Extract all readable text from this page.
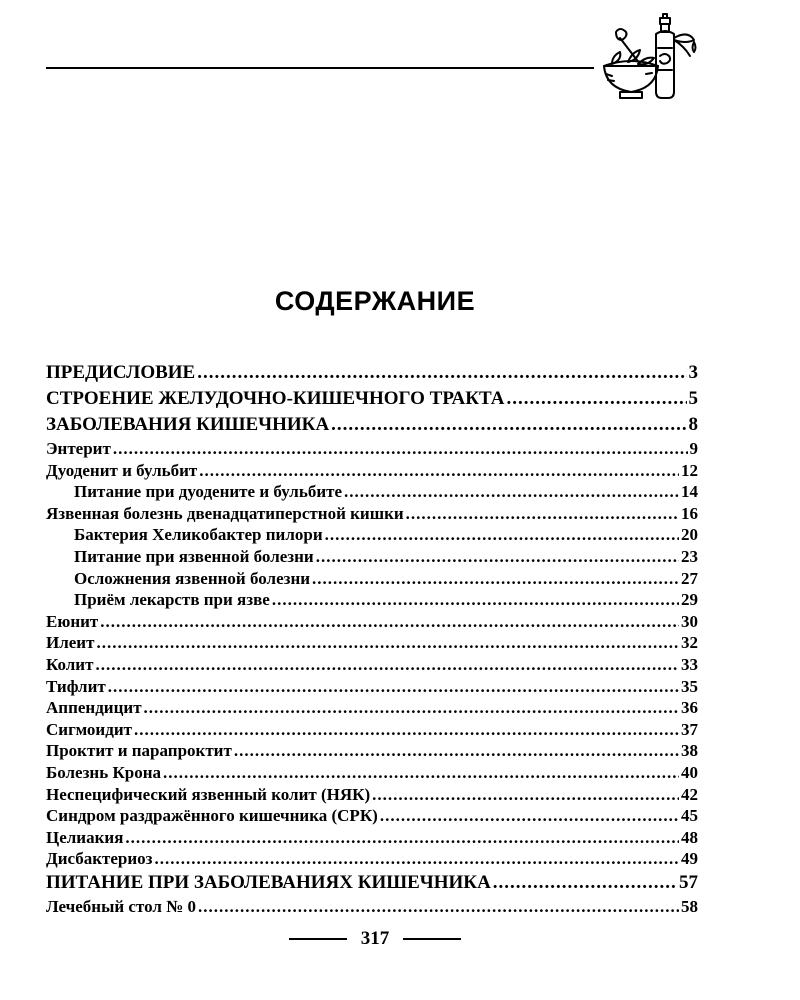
СОДЕРЖАНИЕ
ПРЕДИСЛОВИЕ .....	3
СТРОЕНИЕ ЖЕЛУДОЧНО-КИШЕЧНОГО ТРАКТА .....	5
ЗАБОЛЕВАНИЯ КИШЕЧНИКА .....	8
Энтерит .....	9
Дуоденит и бульбит .....	12
Питание при дуодените и бульбите .....	14
Язвенная болезнь двенадцатиперстной кишки .....	16
Бактерия Хеликобактер пилори .....	20
Питание при язвенной болезни .....	23
Осложнения язвенной болезни .....	27
Приём лекарств при язве .....	29
Еюнит .....	30
Илеит .....	32
Колит .....	33
Тифлит .....	35
Аппендицит .....	36
Сигмоидит .....	37
Проктит и парапроктит .....	38
Болезнь Крона .....	40
Неспецифический язвенный колит (НЯК) .....	42
Синдром раздражённого кишечника (СРК) .....	45
Целиакия .....	48
Дисбактериоз .....	49
ПИТАНИЕ ПРИ ЗАБОЛЕВАНИЯХ КИШЕЧНИКА .....	57
Лечебный стол № 0 .....	58
317
